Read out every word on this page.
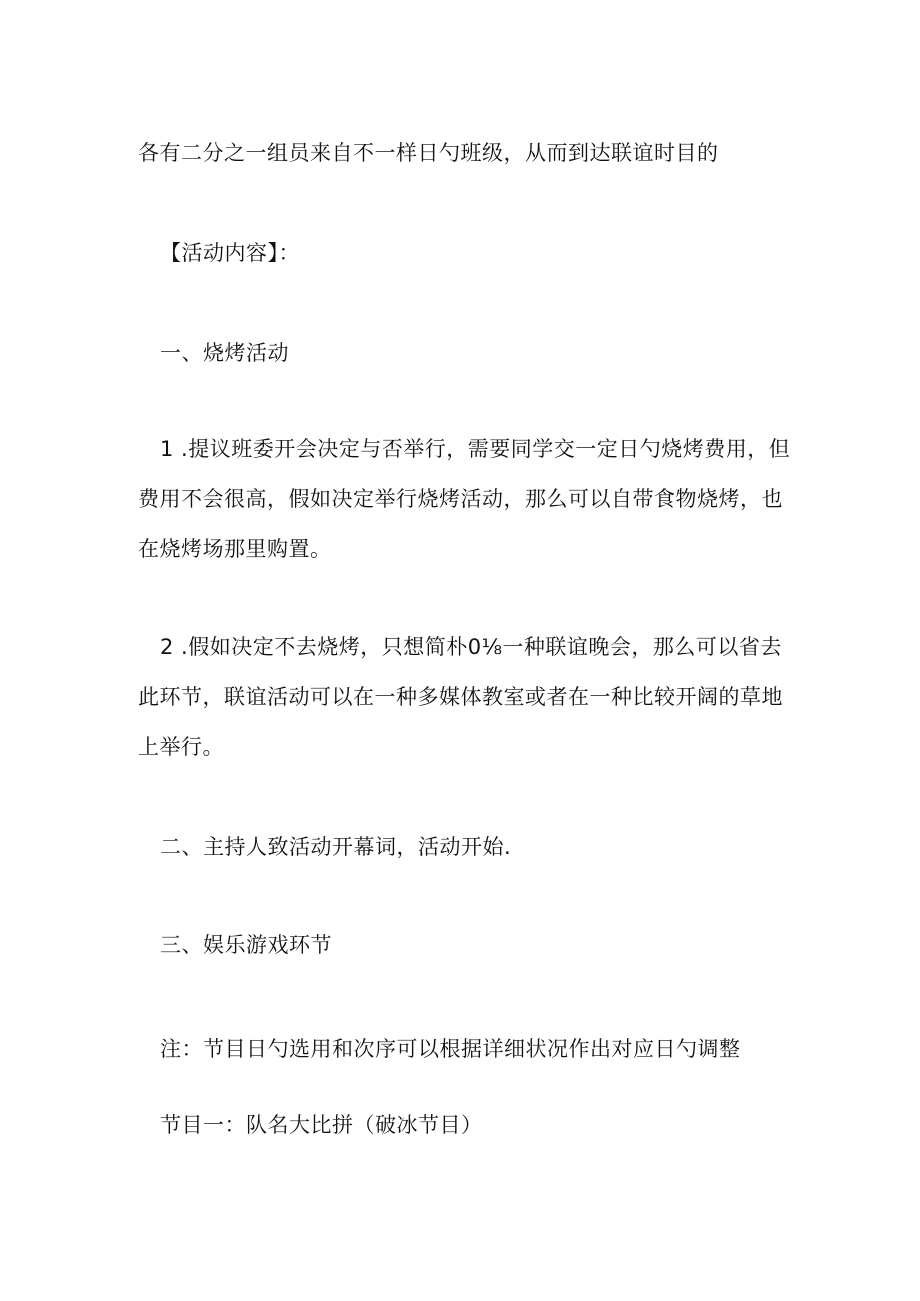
各有二分之一组员来自不一样日勺班级，从而到达联谊时目的
【活动内容】：
一、烧烤活动
1 .提议班委开会决定与否举行，需要同学交一定日勺烧烤费用，但
费用不会很高，假如决定举行烧烤活动，那么可以自带食物烧烤，也
在烧烤场那里购置。
2 .假如决定不去烧烤，只想简朴0⅛一种联谊晚会，那么可以省去
此环节，联谊活动可以在一种多媒体教室或者在一种比较开阔的草地
上举行。
二、主持人致活动开幕词，活动开始.
三、娱乐游戏环节
注：节目日勺选用和次序可以根据详细状况作出对应日勺调整
节目一：队名大比拼（破冰节目）
